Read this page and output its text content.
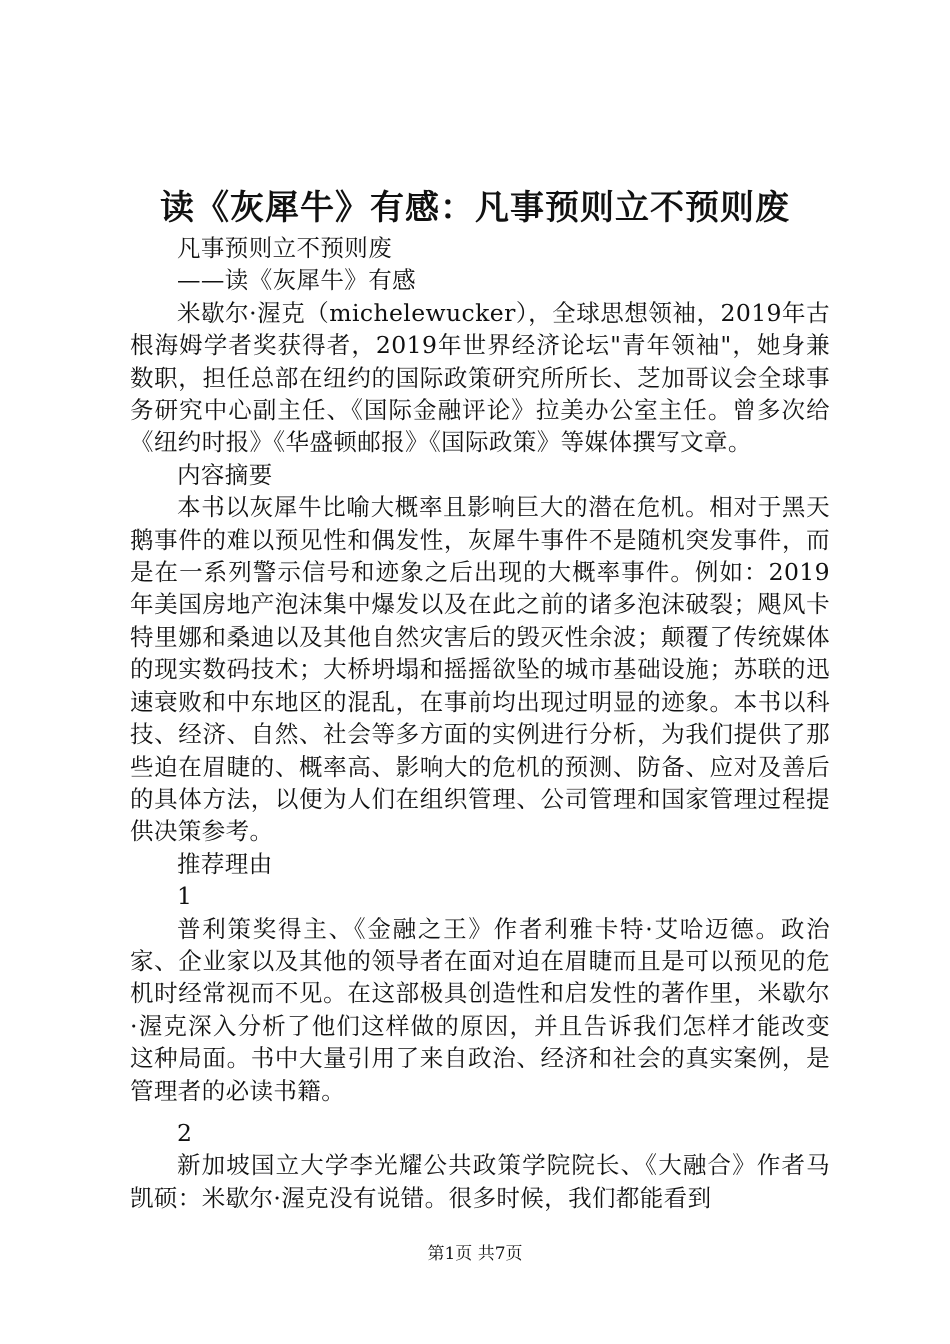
读《灰犀牛》有感：凡事预则立不预则废

凡事预则立不预则废

——读《灰犀牛》有感

米歇尔·渥克（michelewucker），全球思想领袖，2019年古根海姆学者奖获得者，2019年世界经济论坛"青年领袖"，她身兼数职，担任总部在纽约的国际政策研究所所长、芝加哥议会全球事务研究中心副主任、《国际金融评论》拉美办公室主任。曾多次给《纽约时报》《华盛顿邮报》《国际政策》等媒体撰写文章。

内容摘要

本书以灰犀牛比喻大概率且影响巨大的潜在危机。相对于黑天鹅事件的难以预见性和偶发性，灰犀牛事件不是随机突发事件，而是在一系列警示信号和迹象之后出现的大概率事件。例如：2019年美国房地产泡沫集中爆发以及在此之前的诸多泡沫破裂；飓风卡特里娜和桑迪以及其他自然灾害后的毁灭性余波；颠覆了传统媒体的现实数码技术；大桥坍塌和摇摇欲坠的城市基础设施；苏联的迅速衰败和中东地区的混乱，在事前均出现过明显的迹象。本书以科技、经济、自然、社会等多方面的实例进行分析，为我们提供了那些迫在眉睫的、概率高、影响大的危机的预测、防备、应对及善后的具体方法，以便为人们在组织管理、公司管理和国家管理过程提供决策参考。

推荐理由

1

普利策奖得主、《金融之王》作者利雅卡特·艾哈迈德。政治家、企业家以及其他的领导者在面对迫在眉睫而且是可以预见的危机时经常视而不见。在这部极具创造性和启发性的著作里，米歇尔·渥克深入分析了他们这样做的原因，并且告诉我们怎样才能改变这种局面。书中大量引用了来自政治、经济和社会的真实案例，是管理者的必读书籍。

2

新加坡国立大学李光耀公共政策学院院长、《大融合》作者马凯硕：米歇尔·渥克没有说错。很多时候，我们都能看到

第1页 共7页
